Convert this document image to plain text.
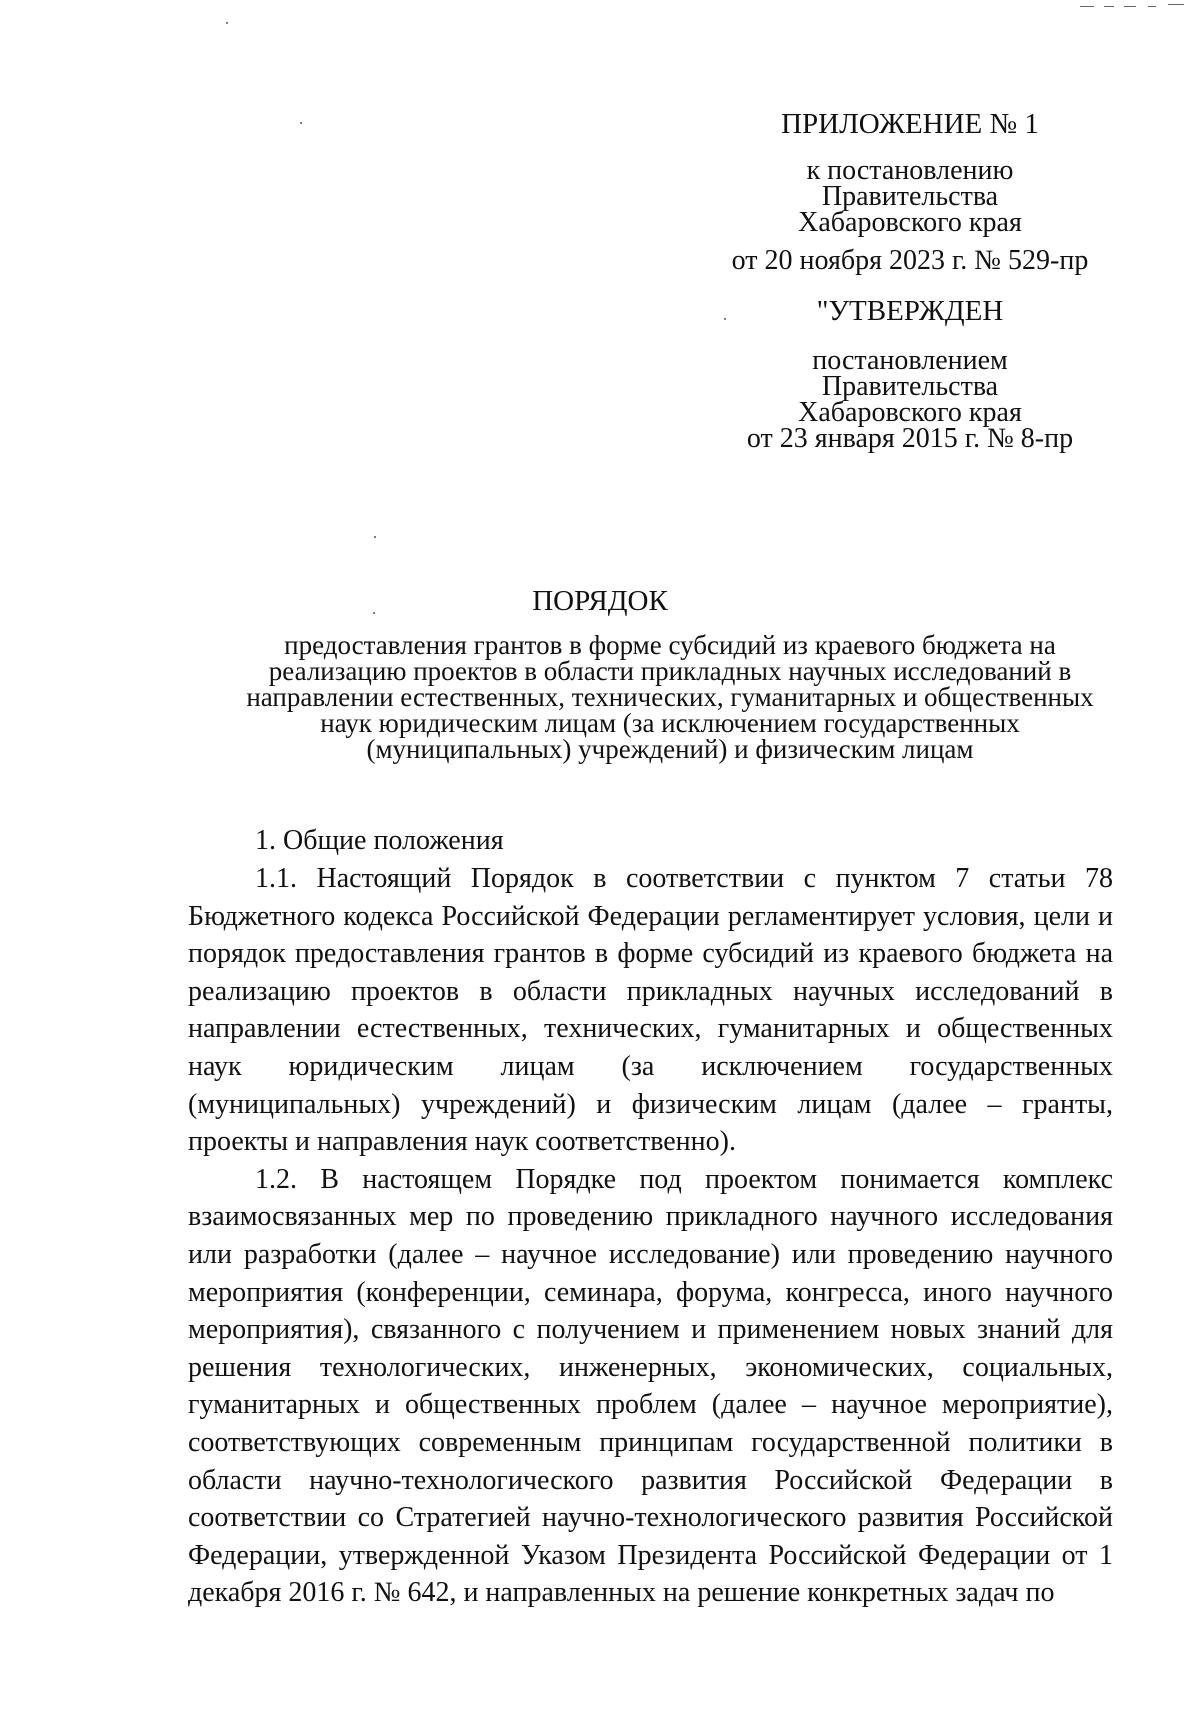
ПРИЛОЖЕНИЕ № 1
к постановлению
Правительства
Хабаровского края
от 20 ноября 2023 г. № 529-пр
"УТВЕРЖДЕН
постановлением
Правительства
Хабаровского края
от 23 января 2015 г. № 8-пр
ПОРЯДОК
предоставления грантов в форме субсидий из краевого бюджета на
реализацию проектов в области прикладных научных исследований в
направлении естественных, технических, гуманитарных и общественных
наук юридическим лицам (за исключением государственных
(муниципальных) учреждений) и физическим лицам
1. Общие положения

1.1. Настоящий Порядок в соответствии с пунктом 7 статьи 78 Бюджетного кодекса Российской Федерации регламентирует условия, цели и порядок предоставления грантов в форме субсидий из краевого бюджета на реализацию проектов в области прикладных научных исследований в направлении естественных, технических, гуманитарных и общественных наук юридическим лицам (за исключением государственных (муниципальных) учреждений) и физическим лицам (далее – гранты, проекты и направления наук соответственно).

1.2. В настоящем Порядке под проектом понимается комплекс взаимосвязанных мер по проведению прикладного научного исследования или разработки (далее – научное исследование) или проведению научного мероприятия (конференции, семинара, форума, конгресса, иного научного мероприятия), связанного с получением и применением новых знаний для решения технологических, инженерных, экономических, социальных, гуманитарных и общественных проблем (далее – научное мероприятие), соответствующих современным принципам государственной политики в области научно-технологического развития Российской Федерации в соответствии со Стратегией научно-технологического развития Российской Федерации, утвержденной Указом Президента Российской Федерации от 1 декабря 2016 г. № 642, и направленных на решение конкретных задач по
